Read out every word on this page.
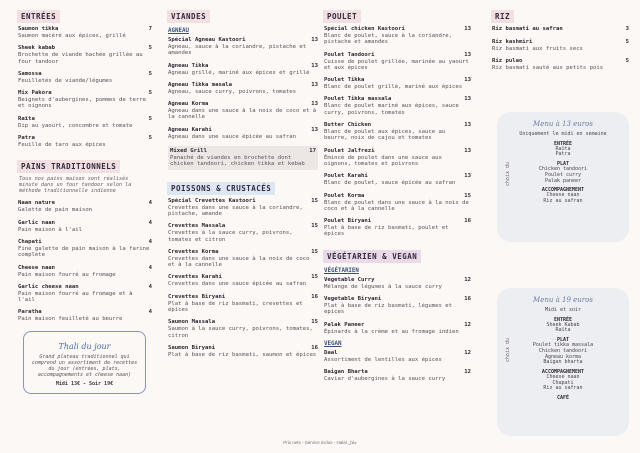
ENTRÉES
Saumon tikka	7
Saumon macéré aux épices, grillé
Sheek kabab	5
Brochette de viande hachée grillée au four tandoor
Samossa	5
Feuilletés de viande/légumes
Mix Pakora	5
Beignets d'aubergines, pommes de terre et oignons
Raïta	5
Dip au yaourt, concombre et tomate
Patra	5
Feuille de taro aux épices
PAINS TRADITIONNELS
Tous nos pains maison sont réalisés minute dans un four tandoor selon la méthode traditionnelle indienne
Naan nature	4
Galette de pain maison
Garlic naan	4
Pain maison à l'ail
Chapati	4
Fine galette de pain maison à la farine complète
Cheese naan	4
Pain maison fourré au fromage
Garlic cheese naan	4
Pain maison fourré au fromage et à l'ail
Paratha	4
Pain maison feuilleté au beurre
Thali du jour
Grand plateau traditionnel qui comprend un assortiment de recettes du jour (entrées, plats, accompagnements et cheese naan)
Midi 13€ - Soir 19€
VIANDES
AGNEAU
Spécial Agneau Kastoori	13
Agneau, sauce à la coriandre, pistache et amandes
Agneau Tikka	13
Agneau grillé, mariné aux épices et grillé
Agneau Tikka masala	13
Agneau, sauce curry, poivrons, tomates
Agneau Korma	13
Agneau dans une sauce à la noix de coco et à la cannelle
Agneau Karahi	13
Agneau dans une sauce épicée au safran
Mixed Grill	17
Panaché de viandes en brochette dont chicken tandoori, chicken tikka et kebab
POISSONS & CRUSTACÉS
Spécial Crevettes Kastoori	15
Crevettes dans une sauce à la coriandre, pistache, amande
Crevettes Massala	15
Crevettes à la sauce curry, poivrons, tomates et citron
Crevettes Korma	15
Crevettes dans une sauce à la noix de coco et à la cannelle
Crevettes Karahi	15
Crevettes dans une sauce épicée au safran
Crevettes Biryani	16
Plat à base de riz basmati, crevettes et épices
Saumon Massala	15
Saumon à la sauce curry, poivrons, tomates, citron
Saumon Biryani	16
Plat à base de riz basmati, saumon et épices
POULET
Spécial chicken Kastoori	13
Blanc de poulet, sauce à la coriandre, pistache et amandes
Poulet Tandoori	13
Cuisse de poulet grillée, marinée au yaourt et aux épices
Poulet Tikka	13
Blanc de poulet grillé, mariné aux épices
Poulet Tikka massala	13
Blanc de poulet mariné aux épices, sauce curry, poivrons, tomates
Butter Chicken	13
Blanc de poulet aux épices, sauce au beurre, noix de cajou et tomates
Poulet Jalfrezi	13
Émincé de poulet dans une sauce aux oignons, tomates et poivrons
Poulet Karahi	13
Blanc de poulet, sauce épicée au safran
Poulet Korma	15
Blanc de poulet dans une sauce à la noix de coco et à la cannelle
Poulet Biryani	16
Plat à base de riz basmati, poulet et épices
VÉGÉTARIEN & VEGAN
VÉGÉTARIEN
Vegetable Curry	12
Mélange de légumes à la sauce curry
Vegetable Biryani	16
Plat à base de riz basmati, légumes et épices
Palak Paneer	12
Épinards à la crème et au fromage indien
VEGAN
Daal	12
Assortiment de lentilles aux épices
Baigan Bharta	12
Caviar d'aubergines à la sauce curry
RIZ
Riz basmati au safran	3
Riz kashmiri	5
Riz basmati aux fruits secs
Riz pulao	5
Riz basmati sauté aux petits pois
Menu à 13 euros
Uniquement le midi en semaine
choix du
ENTRÉE
Raïta
Patra
PLAT
Chicken tandoori
Poulet curry
Palak paneer
ACCOMPAGNEMENT
Cheese naan
Riz au safran
Menu à 19 euros
Midi et soir
choix du
ENTRÉE
Sheek Kabab
Raïta
PLAT
Poulet tikka massala
Chicken tandoori
Agneau korma
Baigan bharta
ACCOMPAGNEMENT
Cheese naan
Chapati
Riz au safran
CAFÉ
Prix nets - Service inclus - Halal حلال
